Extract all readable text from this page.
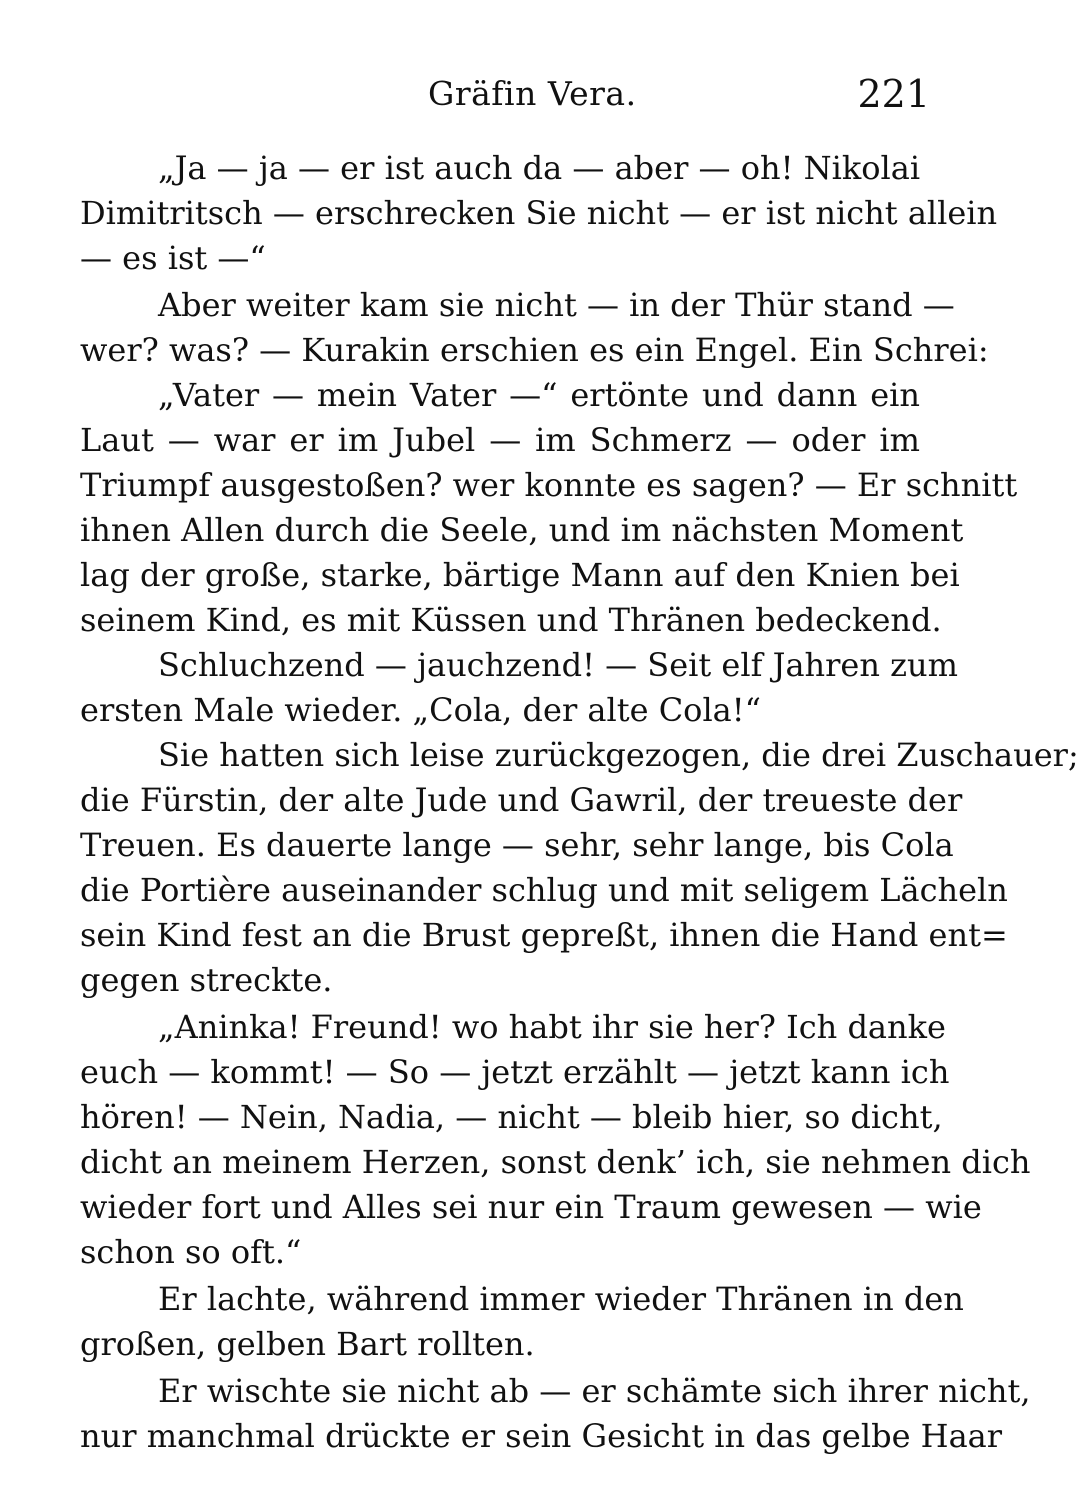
Gräfin Vera.	221
„Ja — ja — er ist auch da — aber — oh! Nikolai
Dimitritsch — erschrecken Sie nicht — er ist nicht allein
— es ist —“
Aber weiter kam sie nicht — in der Thür stand —
wer? was? — Kurakin erschien es ein Engel. Ein Schrei:
„Vater — mein Vater —“ ertönte und dann ein
Laut — war er im Jubel — im Schmerz — oder im
Triumpf ausgestoßen? wer konnte es sagen? — Er schnitt
ihnen Allen durch die Seele, und im nächsten Moment
lag der große, starke, bärtige Mann auf den Knien bei
seinem Kind, es mit Küssen und Thränen bedeckend.
Schluchzend — jauchzend! — Seit elf Jahren zum
ersten Male wieder. „Cola, der alte Cola!“
Sie hatten sich leise zurückgezogen, die drei Zuschauer;
die Fürstin, der alte Jude und Gawril, der treueste der
Treuen. Es dauerte lange — sehr, sehr lange, bis Cola
die Portière auseinander schlug und mit seligem Lächeln
sein Kind fest an die Brust gepreßt, ihnen die Hand ent=
gegen streckte.
„Aninka! Freund! wo habt ihr sie her? Ich danke
euch — kommt! — So — jetzt erzählt — jetzt kann ich
hören! — Nein, Nadia, — nicht — bleib hier, so dicht,
dicht an meinem Herzen, sonst denk’ ich, sie nehmen dich
wieder fort und Alles sei nur ein Traum gewesen — wie
schon so oft.“
Er lachte, während immer wieder Thränen in den
großen, gelben Bart rollten.
Er wischte sie nicht ab — er schämte sich ihrer nicht,
nur manchmal drückte er sein Gesicht in das gelbe Haar
